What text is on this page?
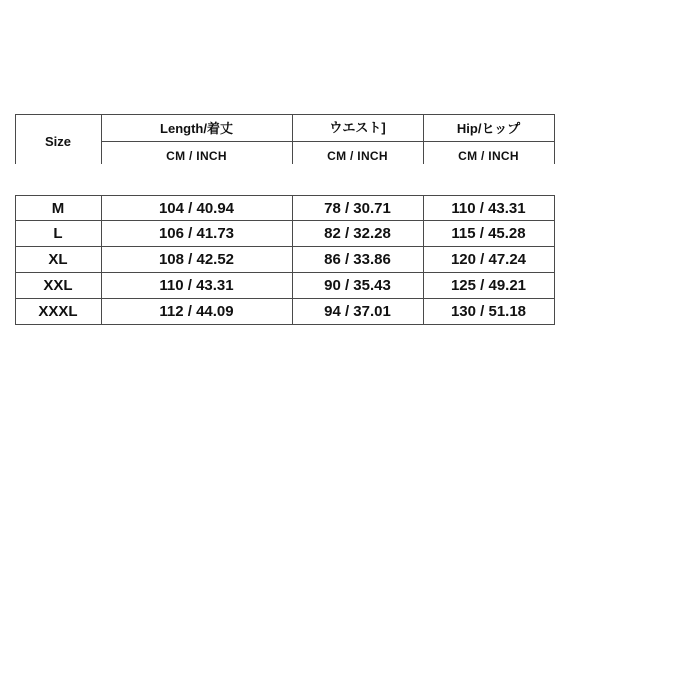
Size
Length/着丈	ウエスト]	Hip/ヒップ
CM / INCH	CM / INCH	CM / INCH
M	104 / 40.94	78 / 30.71	110 / 43.31
L	106 / 41.73	82 / 32.28	115 / 45.28
XL	108 / 42.52	86 / 33.86	120 / 47.24
XXL	110 / 43.31	90 / 35.43	125 / 49.21
XXXL	112 / 44.09	94 / 37.01	130 / 51.18
